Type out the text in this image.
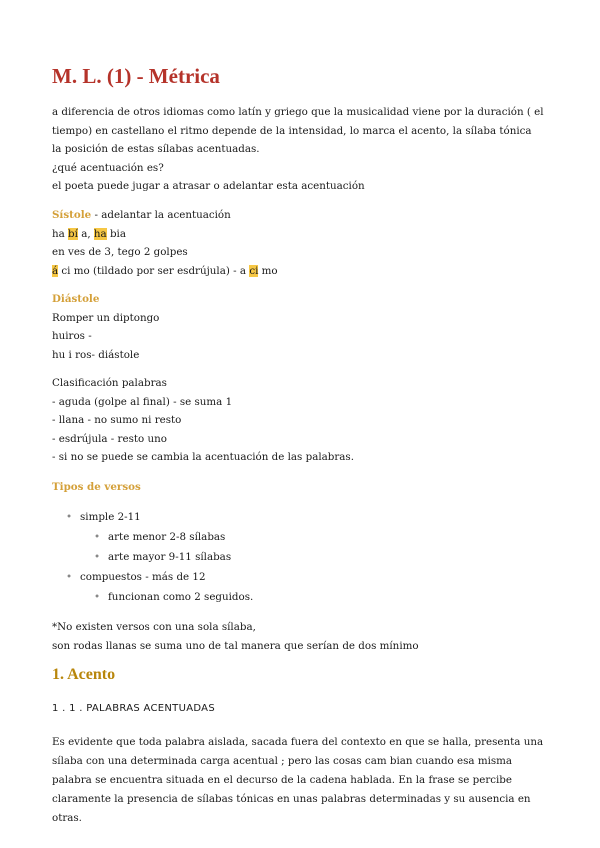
M. L. (1) - Métrica

a diferencia de otros idiomas como latín y griego que la musicalidad viene por la duración ( el

tiempo) en castellano el ritmo depende de la intensidad, lo marca el acento, la sílaba tónica

la posición de estas sílabas acentuadas.

¿qué acentuación es?

el poeta puede jugar a atrasar o adelantar esta acentuación

Sístole - adelantar la acentuación

ha bí a, ha bia

en ves de 3, tego 2 golpes

á ci mo (tildado por ser esdrújula) - a ci mo

Diástole

Romper un diptongo

huiros -

hu i ros- diástole

Clasificación palabras

- aguda (golpe al final) - se suma 1

- llana - no sumo ni resto

- esdrújula - resto uno

- si no se puede se cambia la acentuación de las palabras.

Tipos de versos

• simple 2-11
• arte menor 2-8 sílabas
• arte mayor 9-11 sílabas
• compuestos - más de 12
• funcionan como 2 seguidos.

*No existen versos con una sola sílaba,

son rodas llanas se suma uno de tal manera que serían de dos mínimo

1. Acento

1 . 1 . PALABRAS ACENTUADAS

Es evidente que toda palabra aislada, sacada fuera del contexto en que se halla, presenta una sílaba con una determinada carga acentual ; pero las cosas cam bian cuando esa misma palabra se encuentra situada en el decurso de la cadena hablada. En la frase se percibe claramente la presencia de sílabas tónicas en unas palabras determinadas y su ausencia en otras.
